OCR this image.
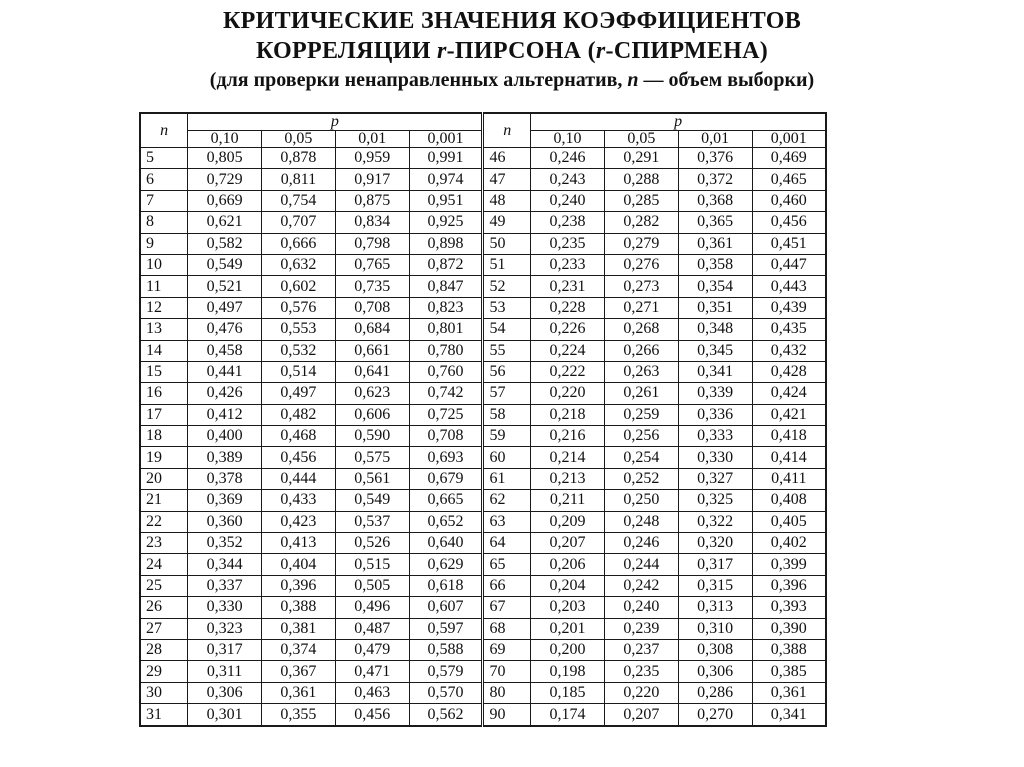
КРИТИЧЕСКИЕ ЗНАЧЕНИЯ КОЭФФИЦИЕНТОВ
КОРРЕЛЯЦИИ r-ПИРСОНА (r-СПИРМЕНА)
(для проверки ненаправленных альтернатив, n — объем выборки)
n	p				n	p			
	0,10	0,05	0,01	0,001		0,10	0,05	0,01	0,001
5	0,805	0,878	0,959	0,991	46	0,246	0,291	0,376	0,469
6	0,729	0,811	0,917	0,974	47	0,243	0,288	0,372	0,465
7	0,669	0,754	0,875	0,951	48	0,240	0,285	0,368	0,460
8	0,621	0,707	0,834	0,925	49	0,238	0,282	0,365	0,456
9	0,582	0,666	0,798	0,898	50	0,235	0,279	0,361	0,451
10	0,549	0,632	0,765	0,872	51	0,233	0,276	0,358	0,447
11	0,521	0,602	0,735	0,847	52	0,231	0,273	0,354	0,443
12	0,497	0,576	0,708	0,823	53	0,228	0,271	0,351	0,439
13	0,476	0,553	0,684	0,801	54	0,226	0,268	0,348	0,435
14	0,458	0,532	0,661	0,780	55	0,224	0,266	0,345	0,432
15	0,441	0,514	0,641	0,760	56	0,222	0,263	0,341	0,428
16	0,426	0,497	0,623	0,742	57	0,220	0,261	0,339	0,424
17	0,412	0,482	0,606	0,725	58	0,218	0,259	0,336	0,421
18	0,400	0,468	0,590	0,708	59	0,216	0,256	0,333	0,418
19	0,389	0,456	0,575	0,693	60	0,214	0,254	0,330	0,414
20	0,378	0,444	0,561	0,679	61	0,213	0,252	0,327	0,411
21	0,369	0,433	0,549	0,665	62	0,211	0,250	0,325	0,408
22	0,360	0,423	0,537	0,652	63	0,209	0,248	0,322	0,405
23	0,352	0,413	0,526	0,640	64	0,207	0,246	0,320	0,402
24	0,344	0,404	0,515	0,629	65	0,206	0,244	0,317	0,399
25	0,337	0,396	0,505	0,618	66	0,204	0,242	0,315	0,396
26	0,330	0,388	0,496	0,607	67	0,203	0,240	0,313	0,393
27	0,323	0,381	0,487	0,597	68	0,201	0,239	0,310	0,390
28	0,317	0,374	0,479	0,588	69	0,200	0,237	0,308	0,388
29	0,311	0,367	0,471	0,579	70	0,198	0,235	0,306	0,385
30	0,306	0,361	0,463	0,570	80	0,185	0,220	0,286	0,361
31	0,301	0,355	0,456	0,562	90	0,174	0,207	0,270	0,341
